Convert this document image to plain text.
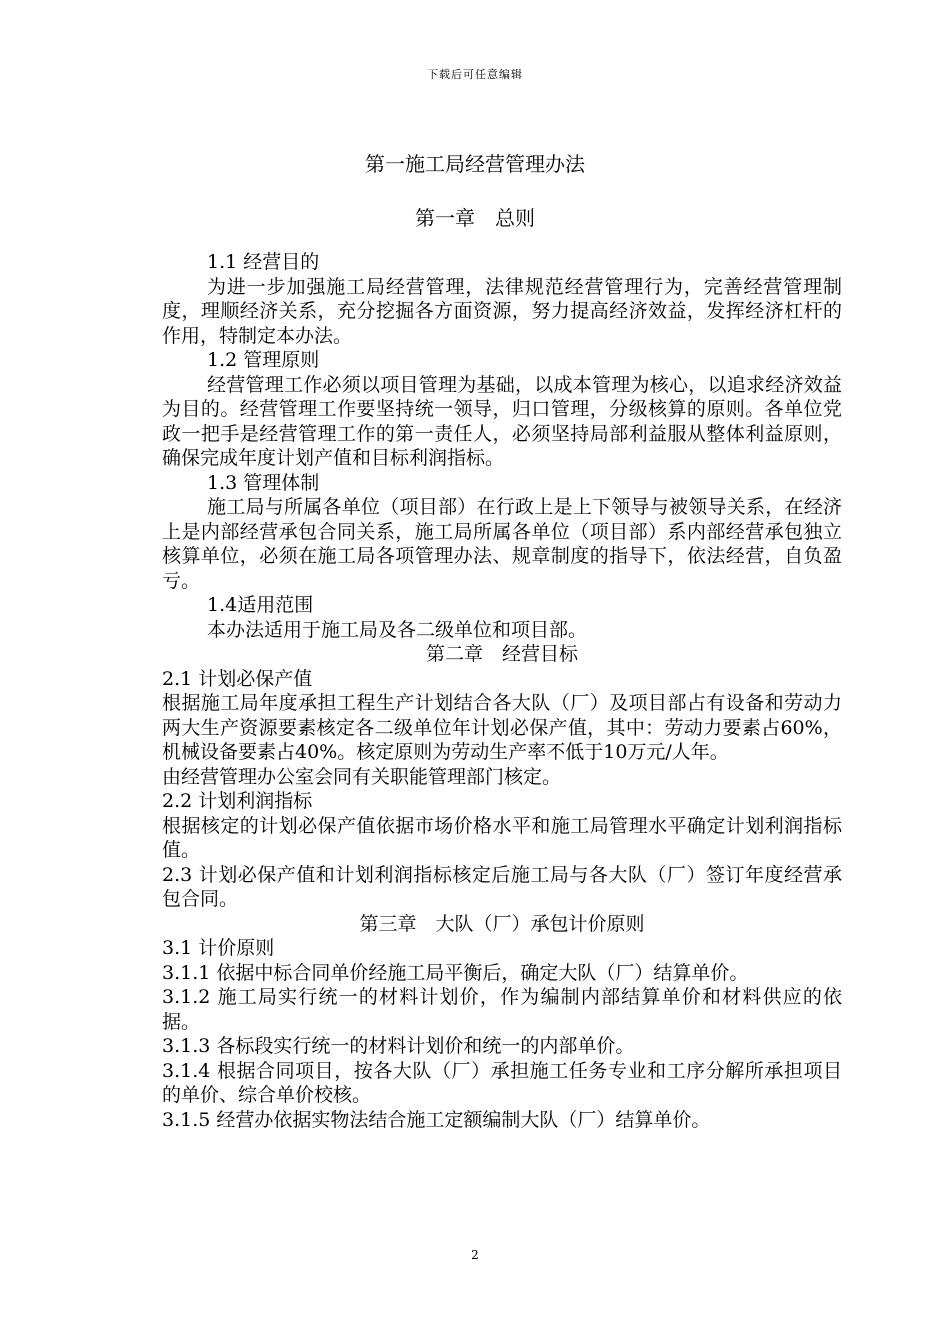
下载后可任意编辑
第一施工局经营管理办法
第一章　总则

1.1 经营目的

为进一步加强施工局经营管理，法律规范经营管理行为，完善经营管理制度，理顺经济关系，充分挖掘各方面资源，努力提高经济效益，发挥经济杠杆的作用，特制定本办法。

1.2 管理原则

经营管理工作必须以项目管理为基础，以成本管理为核心，以追求经济效益为目的。经营管理工作要坚持统一领导，归口管理，分级核算的原则。各单位党政一把手是经营管理工作的第一责任人，必须坚持局部利益服从整体利益原则，确保完成年度计划产值和目标利润指标。

1.3 管理体制

施工局与所属各单位（项目部）在行政上是上下领导与被领导关系，在经济上是内部经营承包合同关系，施工局所属各单位（项目部）系内部经营承包独立核算单位，必须在施工局各项管理办法、规章制度的指导下，依法经营，自负盈亏。

1.4适用范围

本办法适用于施工局及各二级单位和项目部。

第二章　经营目标

2.1 计划必保产值

根据施工局年度承担工程生产计划结合各大队（厂）及项目部占有设备和劳动力两大生产资源要素核定各二级单位年计划必保产值，其中：劳动力要素占60%，机械设备要素占40%。核定原则为劳动生产率不低于10万元/人年。

由经营管理办公室会同有关职能管理部门核定。

2.2 计划利润指标

根据核定的计划必保产值依据市场价格水平和施工局管理水平确定计划利润指标值。

2.3 计划必保产值和计划利润指标核定后施工局与各大队（厂）签订年度经营承包合同。

第三章　大队（厂）承包计价原则

3.1 计价原则

3.1.1 依据中标合同单价经施工局平衡后，确定大队（厂）结算单价。

3.1.2 施工局实行统一的材料计划价，作为编制内部结算单价和材料供应的依据。

3.1.3 各标段实行统一的材料计划价和统一的内部单价。

3.1.4 根据合同项目，按各大队（厂）承担施工任务专业和工序分解所承担项目的单价、综合单价校核。

3.1.5 经营办依据实物法结合施工定额编制大队（厂）结算单价。

2
